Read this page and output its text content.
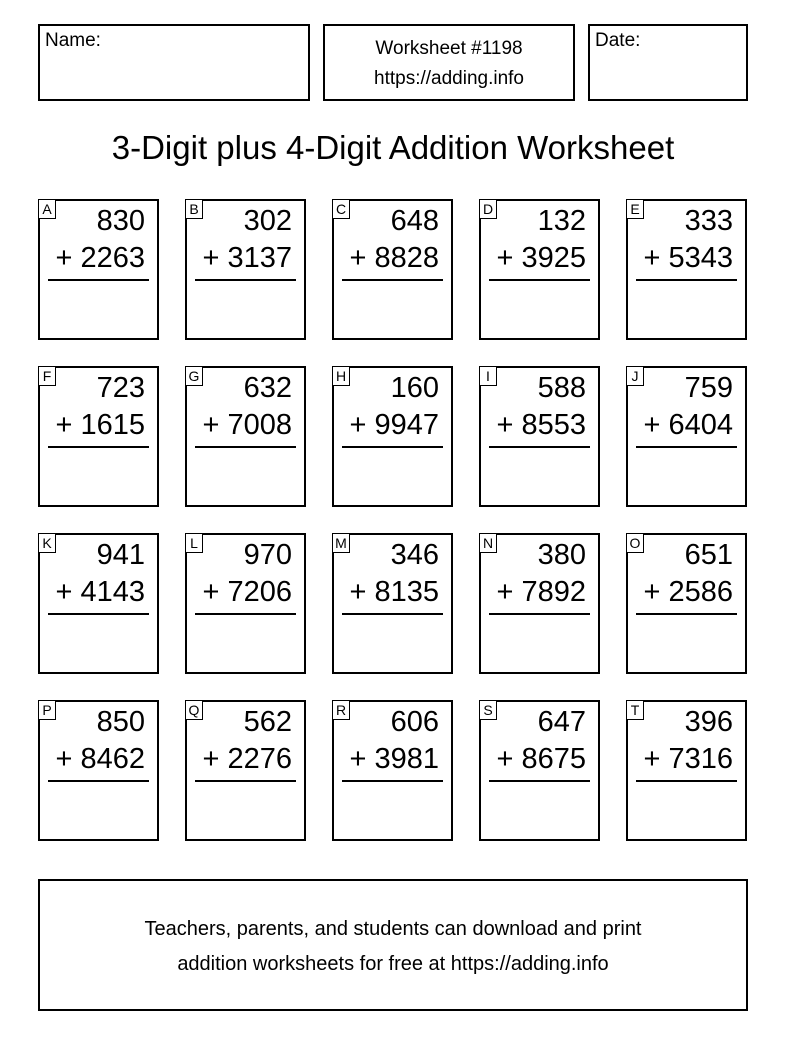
Name:	Worksheet #1198
https://adding.info
Date:
3-Digit plus 4-Digit Addition Worksheet
A 830
+ 2263
B 302
+ 3137
C 648
+ 8828
D 132
+ 3925
E 333
+ 5343
F 723
+ 1615
G 632
+ 7008
H 160
+ 9947
I 588
+ 8553
J 759
+ 6404
K 941
+ 4143
L 970
+ 7206
M 346
+ 8135
N 380
+ 7892
O 651
+ 2586
P 850
+ 8462
Q 562
+ 2276
R 606
+ 3981
S 647
+ 8675
T 396
+ 7316
Teachers, parents, and students can download and print
addition worksheets for free at https://adding.info
